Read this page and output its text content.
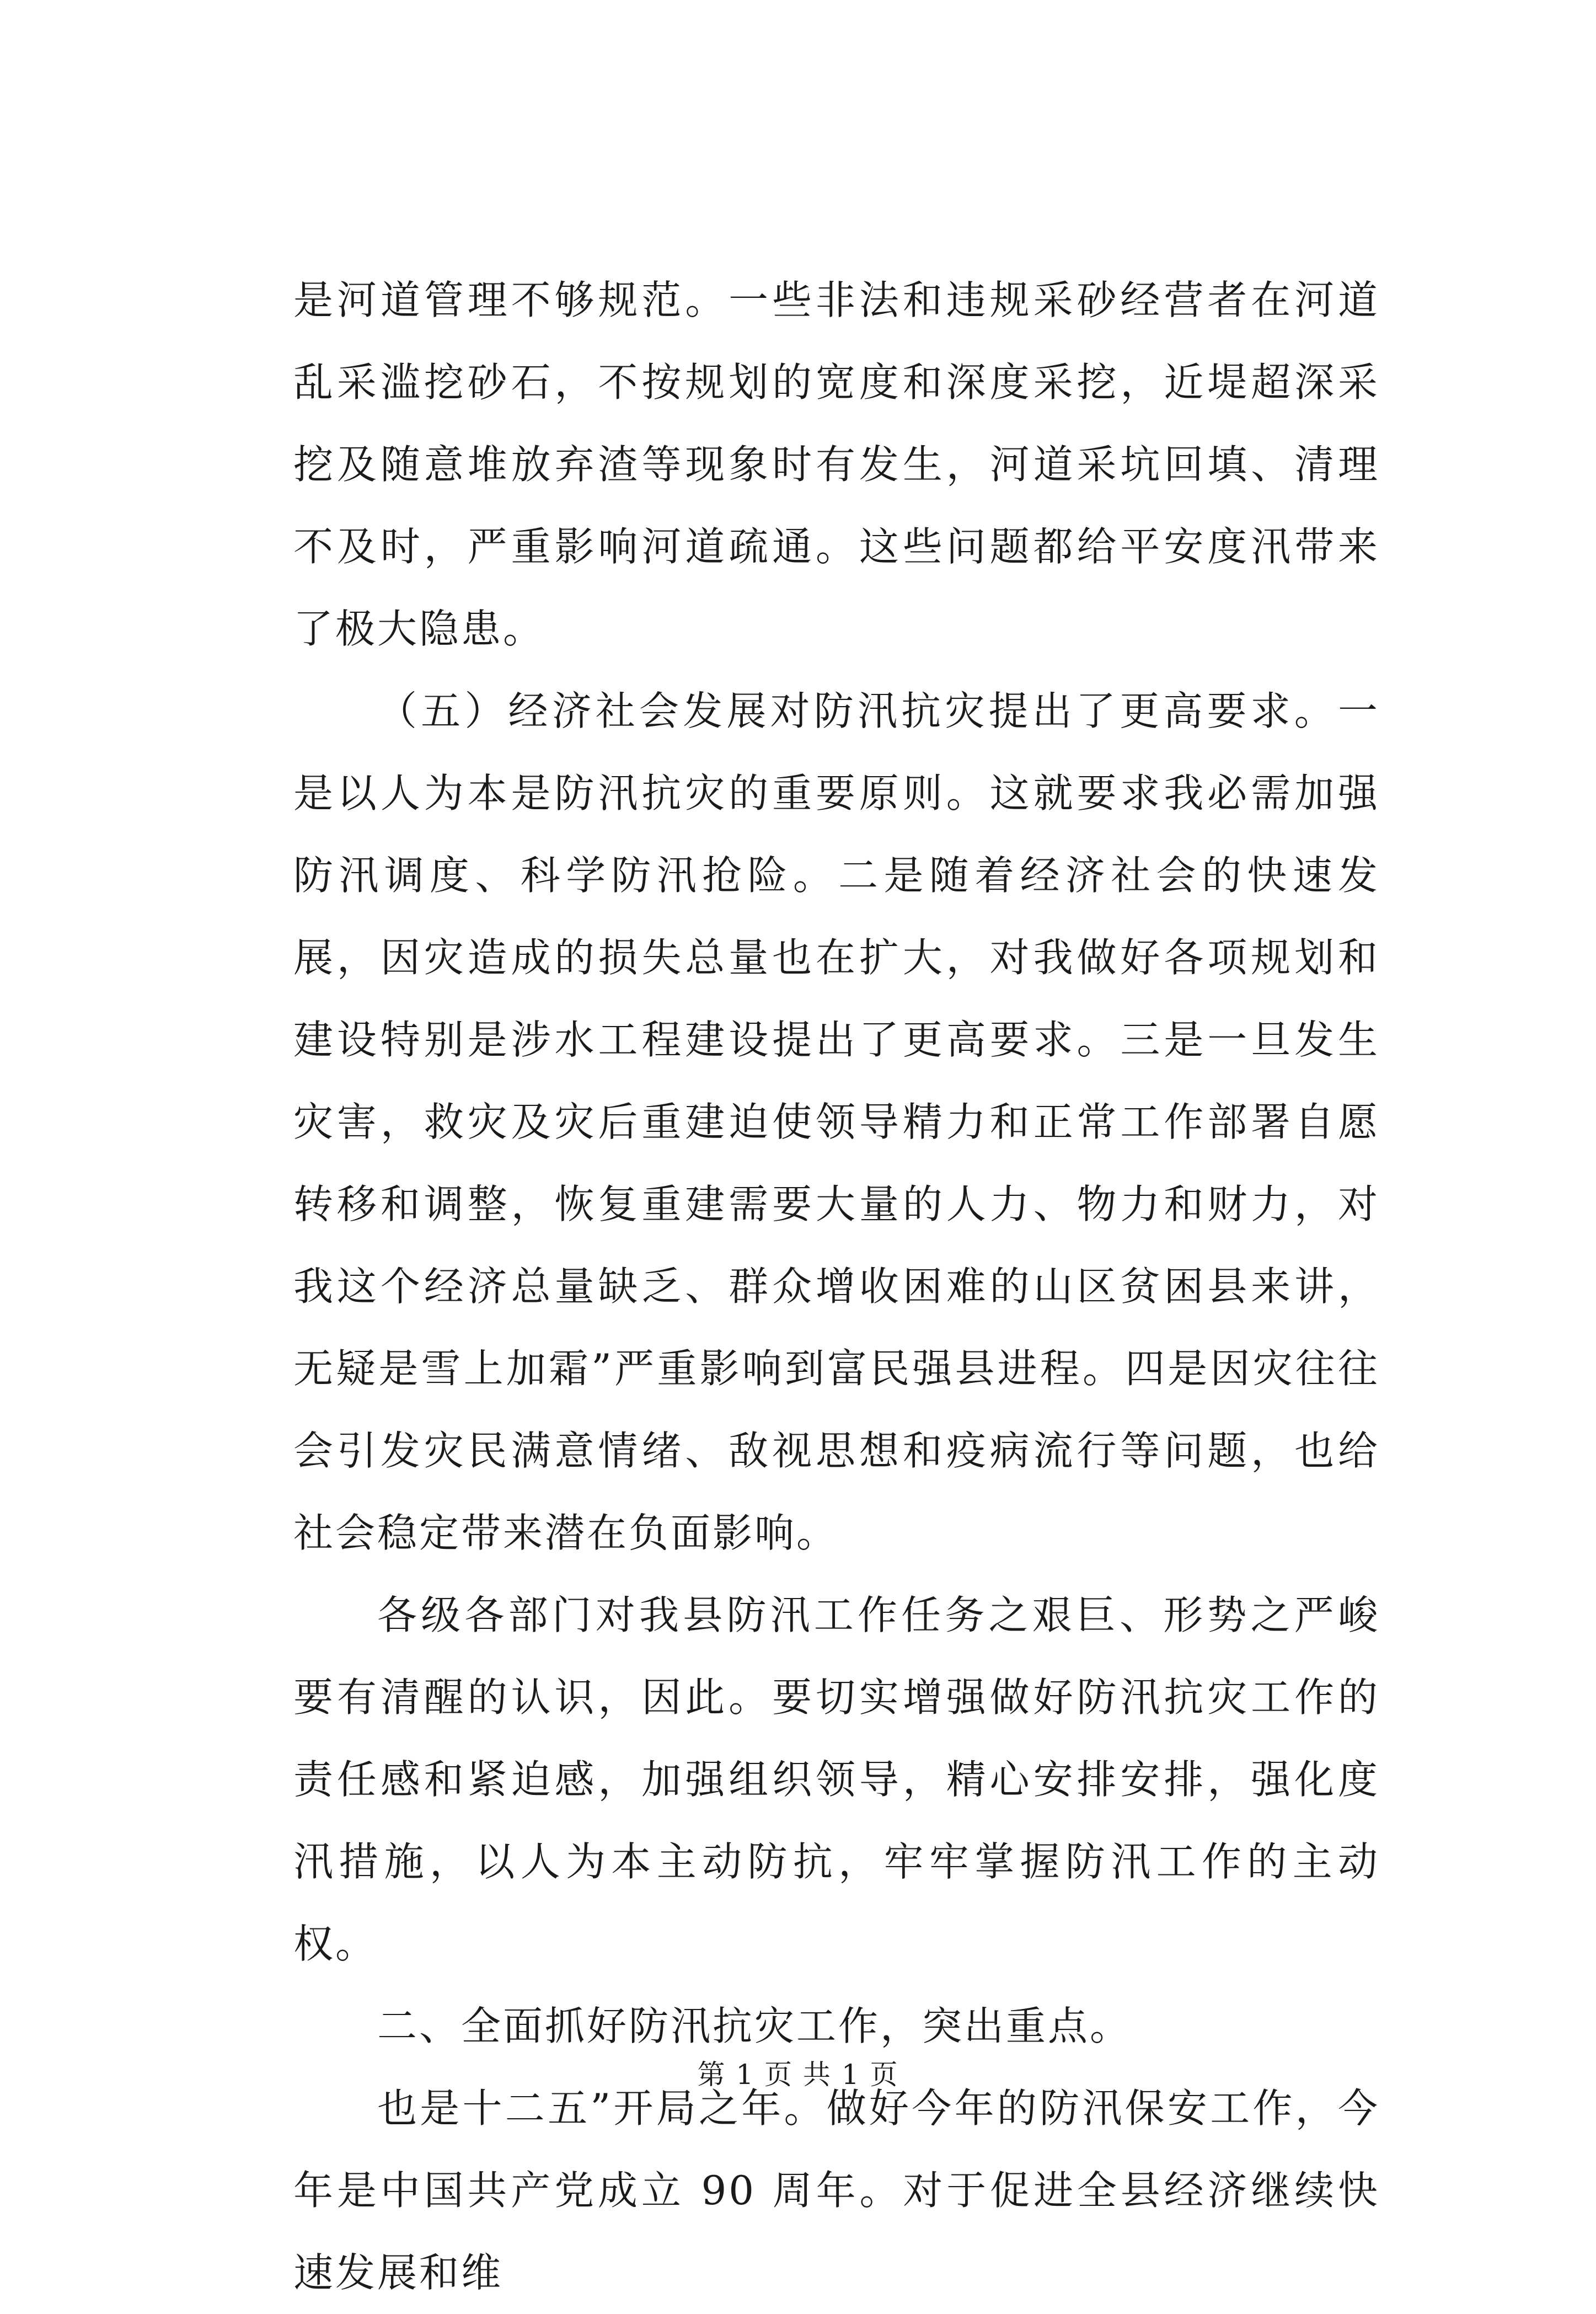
是河道管理不够规范。一些非法和违规采砂经营者在河道乱采滥挖砂石，不按规划的宽度和深度采挖，近堤超深采挖及随意堆放弃渣等现象时有发生，河道采坑回填、清理不及时，严重影响河道疏通。这些问题都给平安度汛带来了极大隐患。

（五）经济社会发展对防汛抗灾提出了更高要求。一是以人为本是防汛抗灾的重要原则。这就要求我必需加强防汛调度、科学防汛抢险。二是随着经济社会的快速发展，因灾造成的损失总量也在扩大，对我做好各项规划和建设特别是涉水工程建设提出了更高要求。三是一旦发生灾害，救灾及灾后重建迫使领导精力和正常工作部署自愿转移和调整，恢复重建需要大量的人力、物力和财力，对我这个经济总量缺乏、群众增收困难的山区贫困县来讲，无疑是雪上加霜”严重影响到富民强县进程。四是因灾往往会引发灾民满意情绪、敌视思想和疫病流行等问题，也给社会稳定带来潜在负面影响。

各级各部门对我县防汛工作任务之艰巨、形势之严峻要有清醒的认识，因此。要切实增强做好防汛抗灾工作的责任感和紧迫感，加强组织领导，精心安排安排，强化度汛措施，以人为本主动防抗，牢牢掌握防汛工作的主动权。

二、全面抓好防汛抗灾工作，突出重点。

也是十二五”开局之年。做好今年的防汛保安工作，今年是中国共产党成立 90 周年。对于促进全县经济继续快速发展和维

第 1 页 共 1 页
